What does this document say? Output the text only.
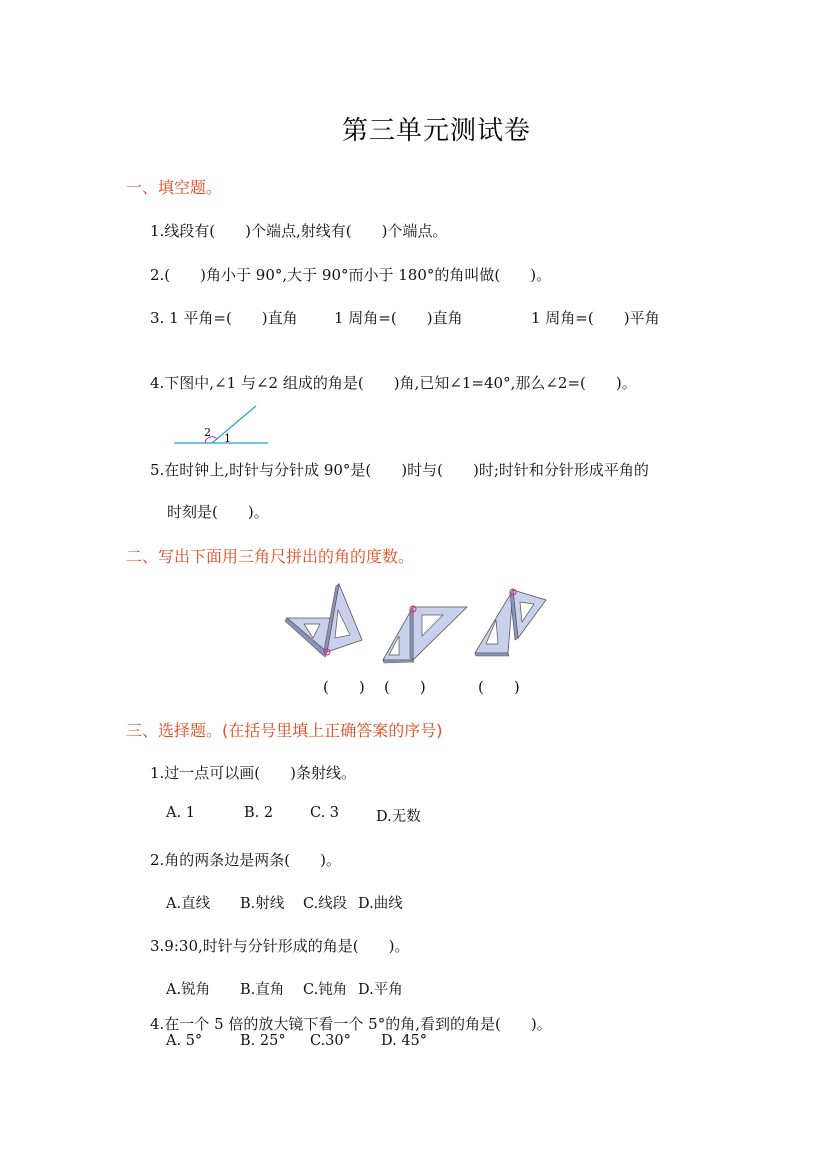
第三单元测试卷
一、填空题。
1.线段有(　　)个端点,射线有(　　)个端点。
2.(　　)角小于 90°,大于 90°而小于 180°的角叫做(　　)。
3. 1 平角=(　　)直角 1 周角=(　　)直角	1 周角=(　　)平角
4.下图中,∠1 与∠2 组成的角是(　　)角,已知∠1=40°,那么∠2=(　　)。
1
2
5.在时钟上,时针与分针成 90°是(　　)时与(　　)时;时针和分针形成平角的
时刻是(　　)。
二、写出下面用三角尺拼出的角的度数。
(　　) (　　)	(　　)
三、选择题。(在括号里填上正确答案的序号)
1.过一点可以画(　　)条射线。
A. 1	B. 2	C. 3	D.无数
2.角的两条边是两条(　　)。
A.直线 B.射线 C.线段 D.曲线
3.9:30,时针与分针形成的角是(　　)。
A.锐角 B.直角 C.钝角 D.平角
4.在一个 5 倍的放大镜下看一个 5°的角,看到的角是(　　)。
A. 5°	B. 25° C.30° D. 45°
